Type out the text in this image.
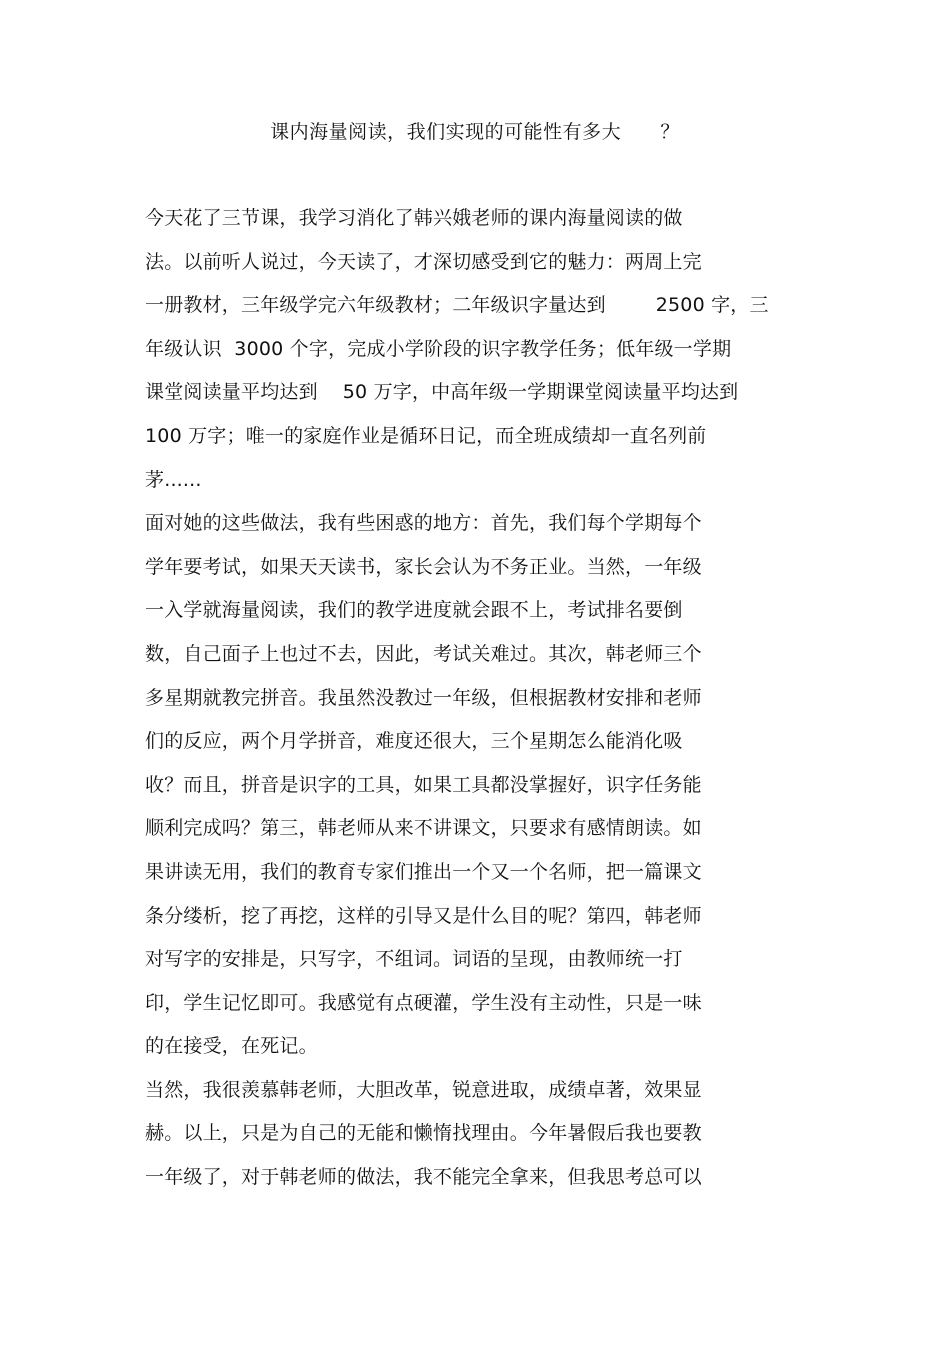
课内海量阅读，我们实现的可能性有多大      ？
今天花了三节课，我学习消化了韩兴娥老师的课内海量阅读的做
法。以前听人说过，今天读了，才深切感受到它的魅力：两周上完
一册教材，三年级学完六年级教材；二年级识字量达到        2500 字，三
年级认识  3000 个字，完成小学阶段的识字教学任务；低年级一学期
课堂阅读量平均达到    50 万字，中高年级一学期课堂阅读量平均达到
100 万字；唯一的家庭作业是循环日记，而全班成绩却一直名列前
茅......
面对她的这些做法，我有些困惑的地方：首先，我们每个学期每个
学年要考试，如果天天读书，家长会认为不务正业。当然，一年级
一入学就海量阅读，我们的教学进度就会跟不上，考试排名要倒
数，自己面子上也过不去，因此，考试关难过。其次，韩老师三个
多星期就教完拼音。我虽然没教过一年级，但根据教材安排和老师
们的反应，两个月学拼音，难度还很大，三个星期怎么能消化吸
收？而且，拼音是识字的工具，如果工具都没掌握好，识字任务能
顺利完成吗？第三，韩老师从来不讲课文，只要求有感情朗读。如
果讲读无用，我们的教育专家们推出一个又一个名师，把一篇课文
条分缕析，挖了再挖，这样的引导又是什么目的呢？第四，韩老师
对写字的安排是，只写字，不组词。词语的呈现，由教师统一打
印，学生记忆即可。我感觉有点硬灌，学生没有主动性，只是一味
的在接受，在死记。
当然，我很羡慕韩老师，大胆改革，锐意进取，成绩卓著，效果显
赫。以上，只是为自己的无能和懒惰找理由。今年暑假后我也要教
一年级了，对于韩老师的做法，我不能完全拿来，但我思考总可以
